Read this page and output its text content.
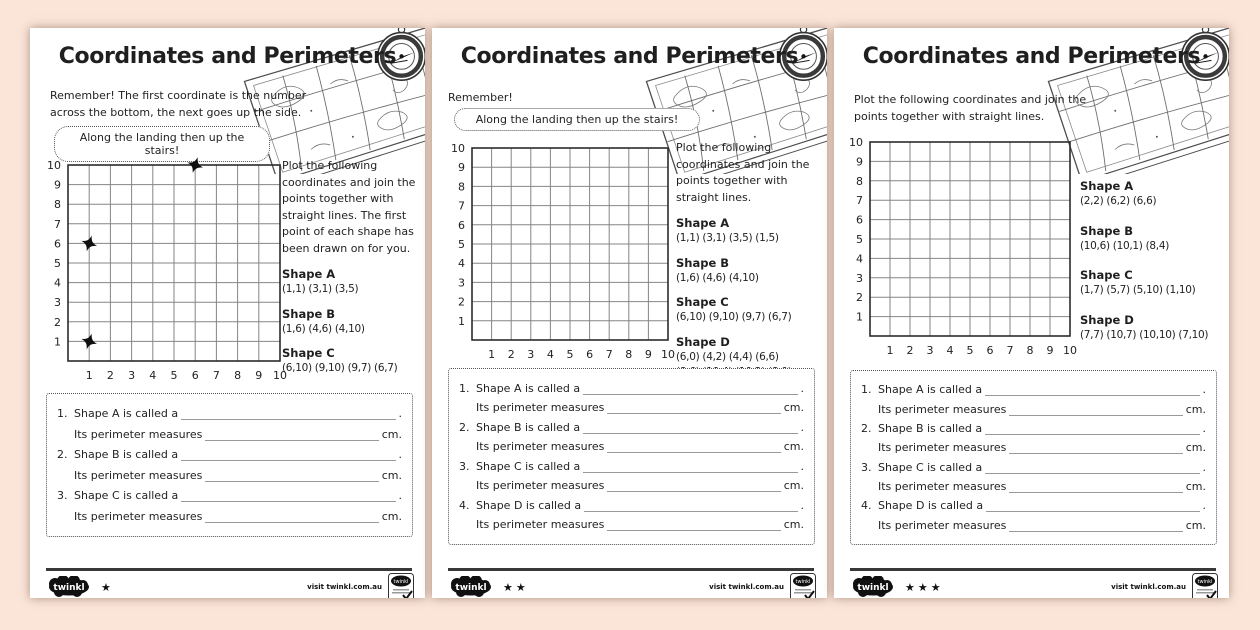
Coordinates and Perimeters

Remember! The first coordinate is the number across the bottom, the next goes up the side.

Along the landing then up the stairs!
1 2 3 4 5 6 7 8 9 10
1
2
3
4
5
6
7
8
9
10	Plot the following coordinates and join the points together with straight lines. The first point of each shape has been drawn on for you.

Shape A
(1,1) (3,1) (3,5)
Shape B
(1,6) (4,6) (4,10)
Shape C
(6,10) (9,10) (9,7) (6,7)
1. Shape A is called a	.
Its perimeter measures	cm.
2. Shape B is called a	.
Its perimeter measures	cm.
3. Shape C is called a	.
Its perimeter measures	cm.
twinkl ★	visit twinkl.com.au
twinkl
Coordinates and Perimeters

Remember!

Along the landing then up the stairs!
1 2 3 4 5 6 7 8 9 10
1
2
3
4
5
6
7
8
9
10	Plot the following coordinates and join the points together with straight lines.

Shape A
(1,1) (3,1) (3,5) (1,5)
Shape B
(1,6) (4,6) (4,10)
Shape C
(6,10) (9,10) (9,7) (6,7)
Shape D
(6,0) (4,2) (4,4) (6,6)
1. Shape A is called a	.
Its perimeter measures	cm.
2. Shape B is called a	.
Its perimeter measures	cm.
3. Shape C is called a	.
Its perimeter measures	cm.
4. Shape D is called a	.
Its perimeter measures	cm.
twinkl ★★	visit twinkl.com.au
twinkl
Coordinates and Perimeters

Plot the following coordinates and join the points together with straight lines.

1 2 3 4 5 6 7 8 9 10
1
2
3
4
5
6
7
8
9
10
Shape A
(2,2) (6,2) (6,6)
Shape B
(10,6) (10,1) (8,4)
Shape C
(1,7) (5,7) (5,10) (1,10)
Shape D
(7,7) (10,7) (10,10) (7,10)
1. Shape A is called a	.
Its perimeter measures	cm.
2. Shape B is called a	.
Its perimeter measures	cm.
3. Shape C is called a	.
Its perimeter measures	cm.
4. Shape D is called a	.
Its perimeter measures	cm.
twinkl ★★★	visit twinkl.com.au
twinkl
